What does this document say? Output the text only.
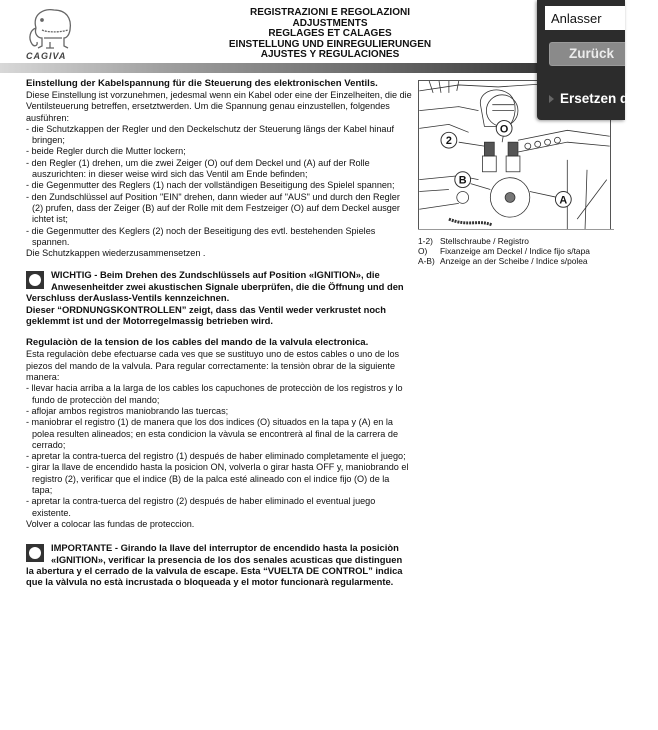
CAGIVA
REGISTRAZIONI E REGOLAZIONI
ADJUSTMENTS
REGLAGES ET CALAGES
EINSTELLUNG UND EINREGULIERUNGEN
AJUSTES Y REGULACIONES

Einstellung der Kabelspannung für die Steuerung des elektronischen Ventils.

Diese Einstellung ist vorzunehmen, jedesmal wenn ein Kabel oder eine der Einzelheiten, die die Ventilsteuerung betreffen, ersetztwerden. Um die Spannung genau einzustellen, folgendes ausführen:

- die Schutzkappen der Regler und den Deckelschutz der Steuerung längs der Kabel hinauf bringen;

- beide Regler durch die Mutter lockern;

- den Regler (1) drehen, um die zwei Zeiger (O) ouf dem Deckel und (A) auf der Rolle auszurichten: in dieser weise wird sich das Ventil am Ende befinden;

- die Gegenmutter des Reglers (1) nach der vollständigen Beseitigung des Spielel spannen;

- den Zundschlüssel auf Position "EIN" drehen, dann wieder auf "AUS" und durch den Regler (2) prufen, dass der Zeiger (B) auf der Rolle mit dem Festzeiger (O) auf dem Deckel ausger ichtet ist;

- die Gegenmutter des Keglers (2) noch der Beseitigung des evtl. bestehenden Spieles spannen.

Die Schutzkappen wiederzusammensetzen .

WICHTIG - Beim Drehen des Zundschlüssels auf Position «IGNITION», die Anwesenheitder zwei akustischen Signale uberprüfen, die die Öffnung und den Verschluss derAuslass-Ventils kennzeichnen.

Dieser “ORDNUNGSKONTROLLEN” zeigt, dass das Ventil weder verkrustet noch geklemmt ist und der Motorregelmassig betrieben wird.

Regulaciòn de la tension de los cables del mando de la valvula electronica.

Esta regulaciòn debe efectuarse cada ves que se sustituyo uno de estos cables o uno de los piezos del mando de la valvula. Para regular correctamente: la tensiòn obrar de la siguiente manera:

- llevar hacia arriba a la larga de los cables los capuchones de protecciòn de los registros y lo fundo de protecciòn del mando;

- aflojar ambos registros maniobrando las tuercas;

- maniobrar el registro (1) de manera que los dos indices (O) situados en la tapa y (A) en la polea resulten alineados; en esta condicion la vàvula se encontrerà al final de la carrera de cerrado;

- apretar la contra-tuerca del registro (1) después de haber eliminado completamente el juego;

- girar la llave de encendido hasta la posicion ON, volverla o girar hasta OFF y, maniobrando el registro (2), verificar que el indice (B) de la palca esté alineado con el indice fijo (O) de la tapa;

- apretar la contra-tuerca del registro (2) después de haber eliminado el eventual juego existente.

Volver a colocar las fundas de proteccion.

IMPORTANTE - Girando la llave del interruptor de encendido hasta la posiciòn «IGNITION», verificar la presencia de los dos senales acusticas que distinguen la abertura y el cerrado de la valvula de escape. Esta “VUELTA DE CONTROL” indica que la vàlvula no està incrustada o bloqueada y el motor funcionarà regularmente.
2
O
B
A
1-2) Stellschraube / Registro
O) Fixanzeige am Deckel / Indice fijo s/tapa
A-B) Anzeige an der Scheibe / Indice s/polea
Anlasser
Zurück
Ersetzen durch
